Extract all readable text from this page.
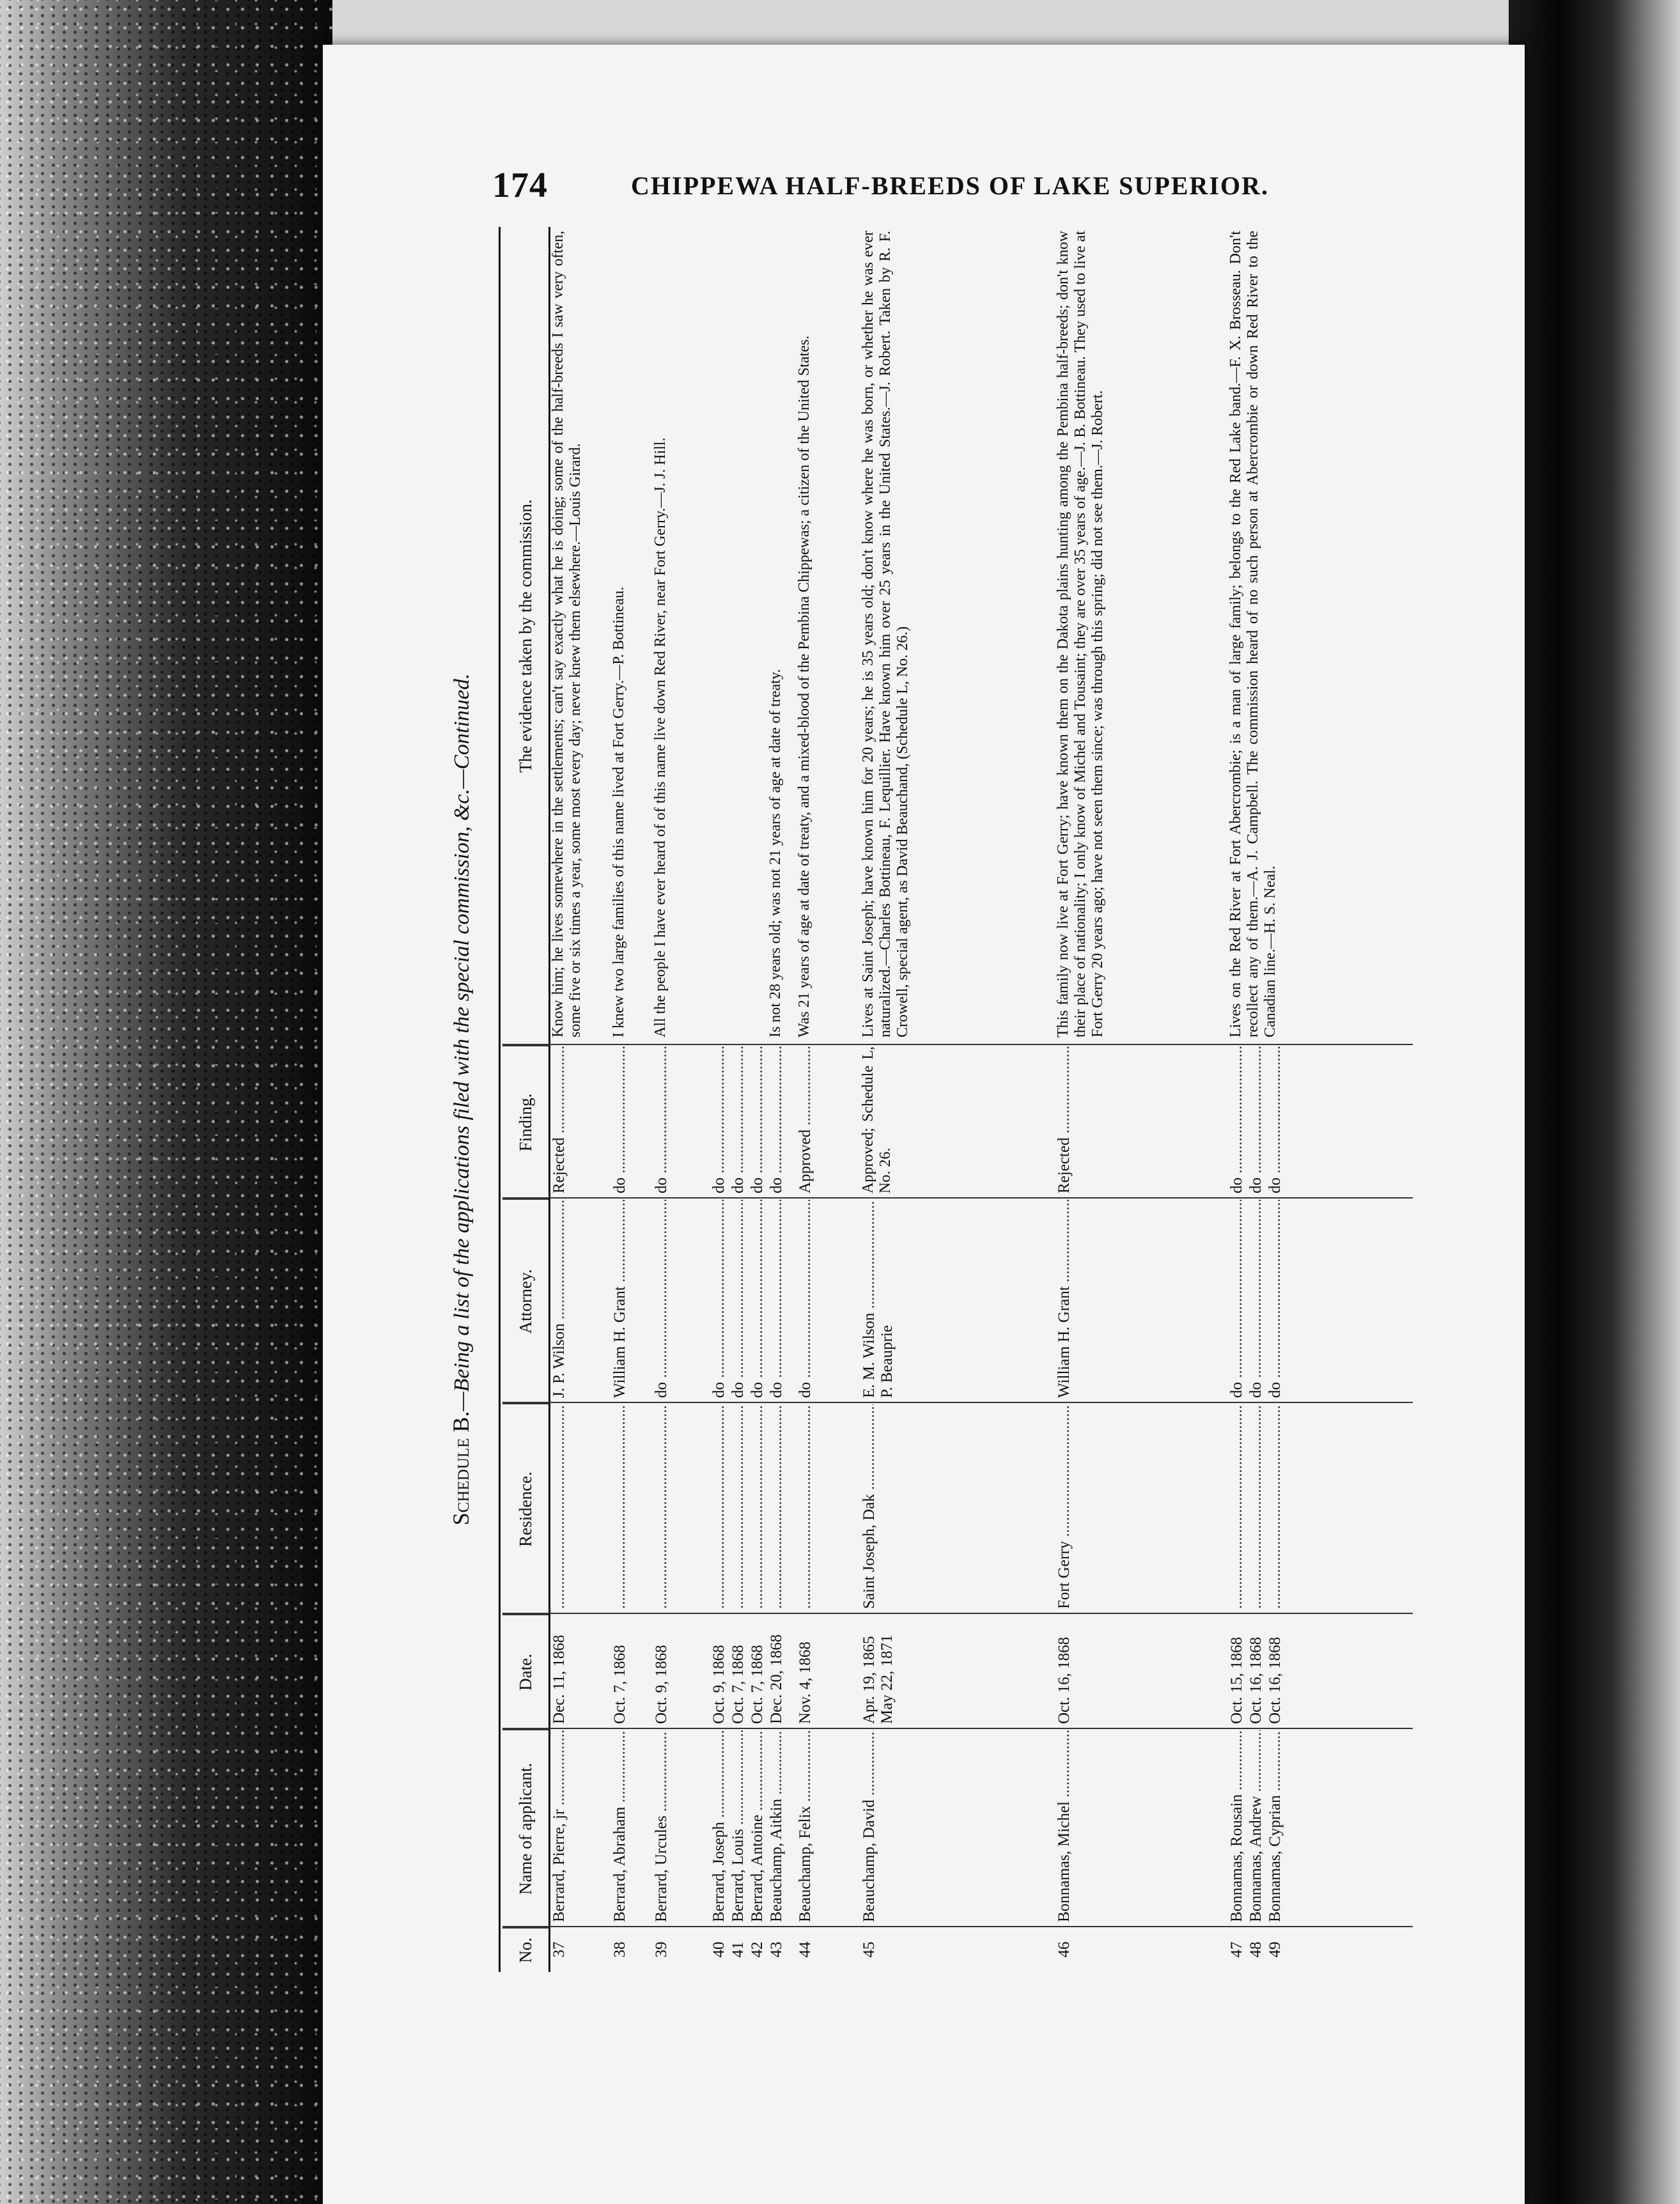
174	CHIPPEWA HALF-BREEDS OF LAKE SUPERIOR.
Schedule B.—Being a list of the applications filed with the special commission, &c.—Continued.
No.
Name of applicant.
Date.
Residence.
Attorney.
Finding.
The evidence taken by the commission.
37
Berrard, Pierre, jr .....
Dec. 11, 1868
.....
J. P. Wilson .....
Rejected .....
Know him; he lives somewhere in the settlements; can't say exactly what he is doing; some of the half-breeds I saw very often, some five or six times a year, some most every day; never knew them elsewhere.—Louis Girard.
38
Berrard, Abraham .....
Oct. 7, 1868
.....
William H. Grant .....
do .....
I knew two large families of this name lived at Fort Gerry.—P. Bottineau.
39
Berrard, Urcules .....
Oct. 9, 1868
.....
do .....
do .....
All the people I have ever heard of of this name live down Red River, near Fort Gerry.—J. J. Hill.
40
Berrard, Joseph .....
Oct. 9, 1868
.....
do .....
do .....
41
Berrard, Louis .....
Oct. 7, 1868
.....
do .....
do .....
42
Berrard, Antoine .....
Oct. 7, 1868
.....
do .....
do .....
43
Beauchamp, Aitkin .....
Dec. 20, 1868
.....
do .....
do .....
Is not 28 years old; was not 21 years of age at date of treaty.
44
Beauchamp, Felix .....
Nov. 4, 1868
.....
do .....
Approved .....
Was 21 years of age at date of treaty, and a mixed-blood of the Pembina Chippewas; a citizen of the United States.
45
Beauchamp, David .....
Apr. 19, 1865 May 22, 1871
Saint Joseph, Dak .....
E. M. Wilson ..... P. Beauprie
Approved; Schedule L, No. 26.
Lives at Saint Joseph; have known him for 20 years; he is 35 years old; don't know where he was born, or whether he was ever naturalized.—Charles Bottineau, F. Lequillier. Have known him over 25 years in the United States.—J. Robert. Taken by R. F. Crowell, special agent, as David Beauchand, (Schedule L, No. 26.)
46
Bonnamas, Michel .....
Oct. 16, 1868
Fort Gerry .....
William H. Grant .....
Rejected .....
This family now live at Fort Gerry; have known them on the Dakota plains hunting among the Pembina half-breeds; don't know their place of nationality; I only know of Michel and Tousaint; they are over 35 years of age.—J. B. Bottineau. They used to live at Fort Gerry 20 years ago; have not seen them since; was through this spring; did not see them.—J. Robert.
47
Bonnamas, Rousain .....
Oct. 15, 1868
.....
do .....
do .....
Lives on the Red River at Fort Abercrombie; is a man of large family; belongs to the Red Lake band.—F. X. Brosseau. Don't recollect any of them.—A. J. Campbell. The commission heard of no such person at Abercrombie or down Red River to the Canadian line.—H. S. Neal.
48
Bonnamas, Andrew .....
Oct. 16, 1868
.....
do .....
do .....
49
Bonnamas, Cyprian .....
Oct. 16, 1868
.....
do .....
do .....
